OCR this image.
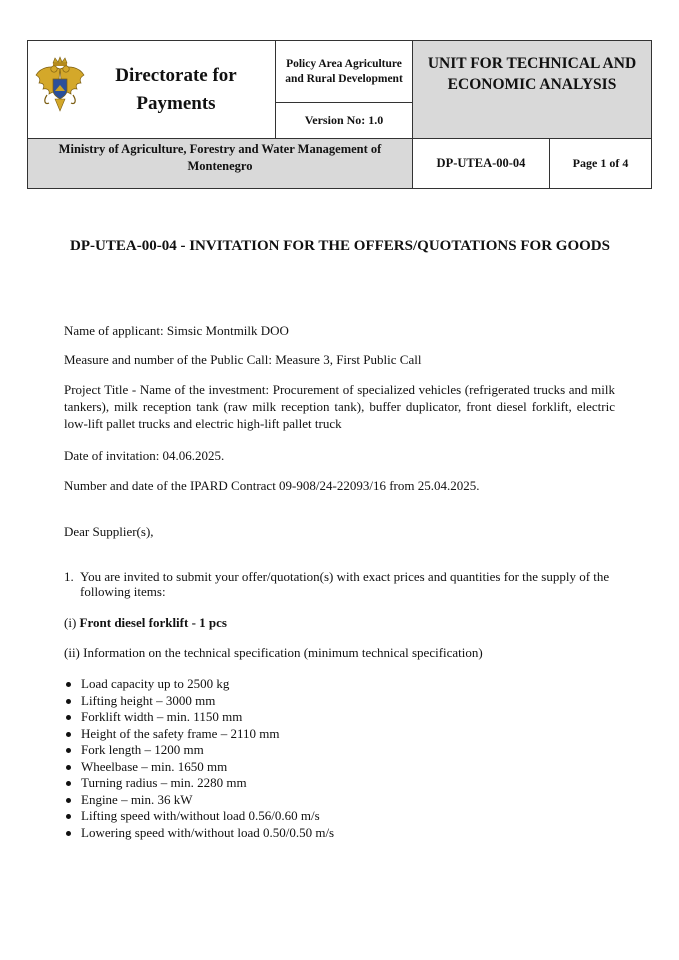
Directorate for Payments	Policy Area Agriculture and Rural Development	UNIT FOR TECHNICAL AND ECONOMIC ANALYSIS	
	Version No: 1.0		
Ministry of Agriculture, Forestry and Water Management of Montenegro		DP-UTEA-00-04	Page 1 of 4
DP-UTEA-00-04 - INVITATION FOR THE OFFERS/QUOTATIONS FOR GOODS
Name of applicant: Simsic Montmilk DOO
Measure and number of the Public Call: Measure 3, First Public Call
Project Title - Name of the investment: Procurement of specialized vehicles (refrigerated trucks and milk tankers), milk reception tank (raw milk reception tank), buffer duplicator, front diesel forklift, electric low-lift pallet trucks and electric high-lift pallet truck
Date of invitation: 04.06.2025.
Number and date of the IPARD Contract 09-908/24-22093/16 from 25.04.2025.
Dear Supplier(s),
1. You are invited to submit your offer/quotation(s) with exact prices and quantities for the supply of the following items:
(i) Front diesel forklift - 1 pcs
(ii) Information on the technical specification (minimum technical specification)
Load capacity up to 2500 kg
Lifting height – 3000 mm
Forklift width – min. 1150 mm
Height of the safety frame – 2110 mm
Fork length – 1200 mm
Wheelbase – min. 1650 mm
Turning radius – min. 2280 mm
Engine – min. 36 kW
Lifting speed with/without load 0.56/0.60 m/s
Lowering speed with/without load 0.50/0.50 m/s
